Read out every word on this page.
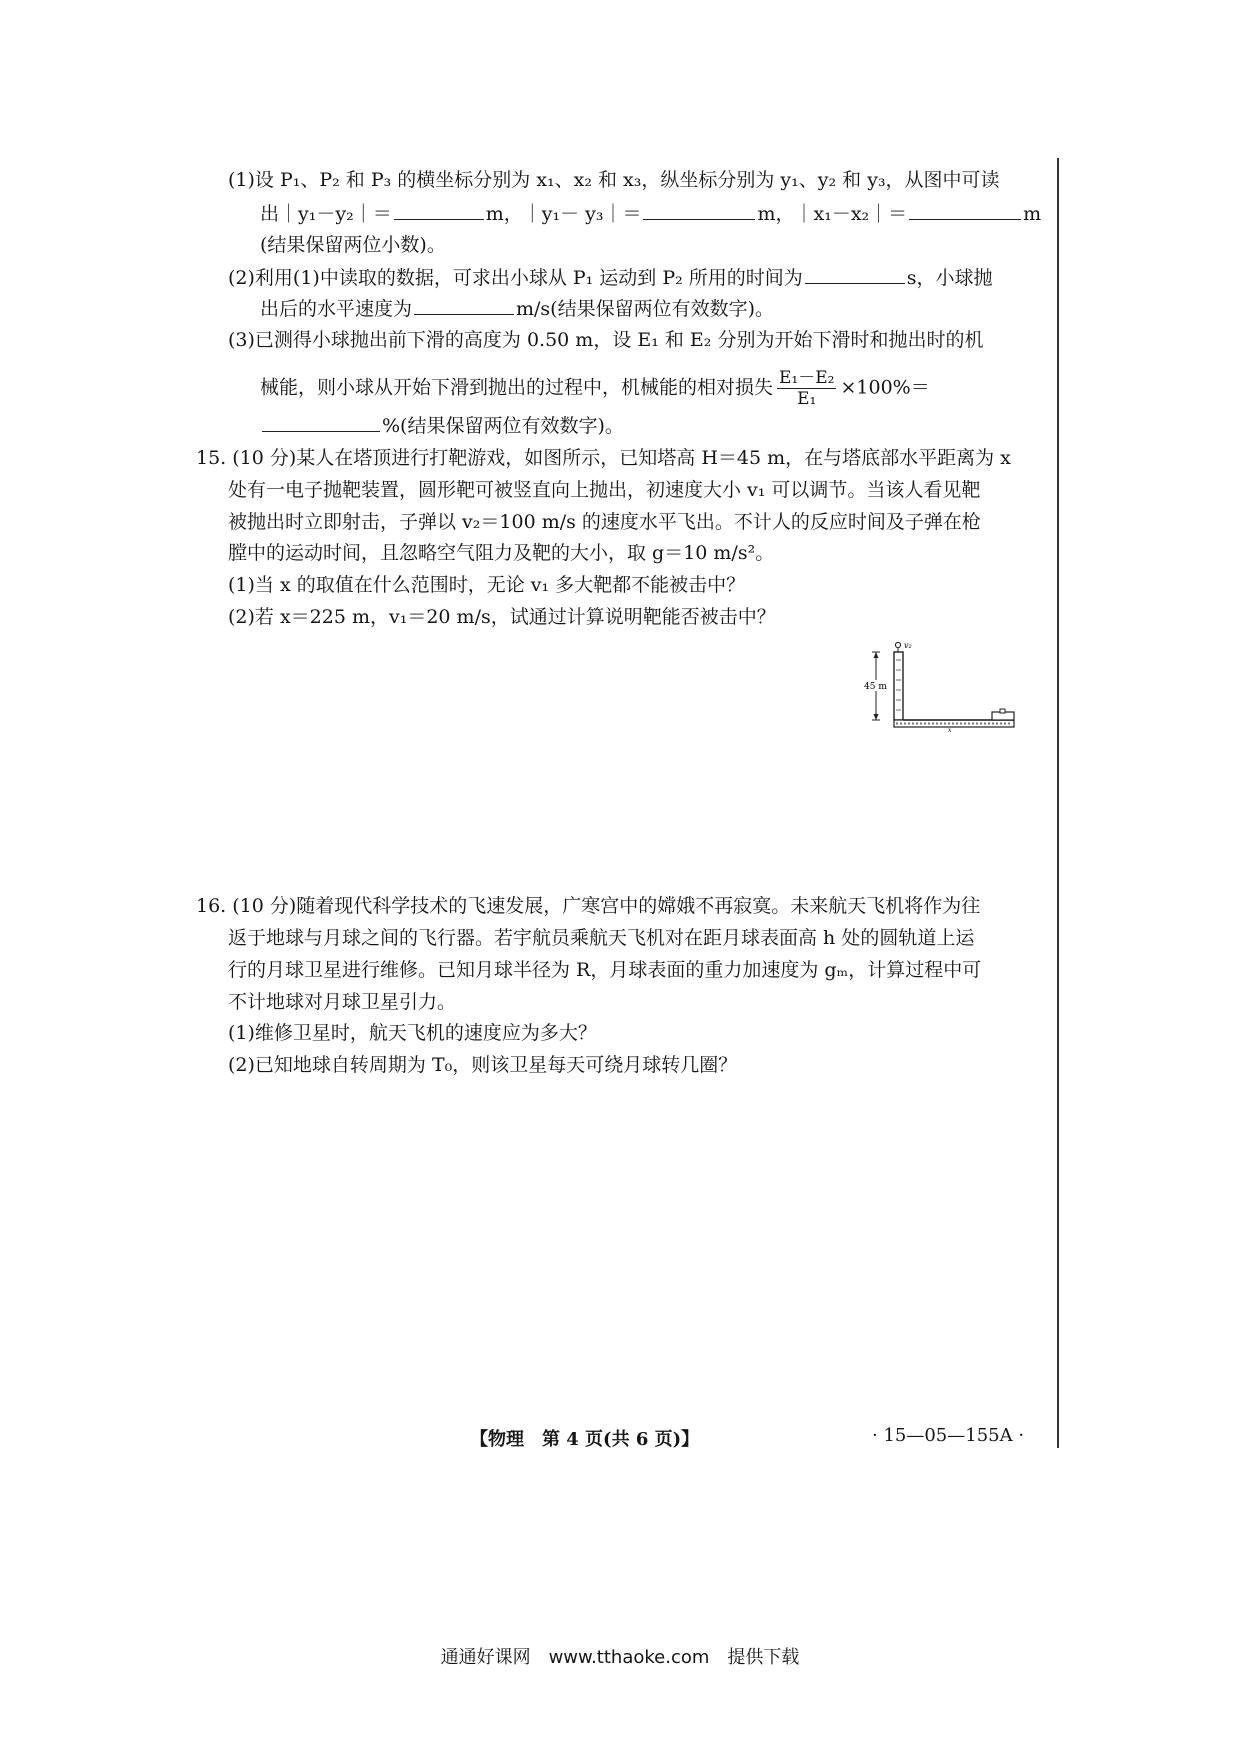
(1)设 P₁、P₂ 和 P₃ 的横坐标分别为 x₁、x₂ 和 x₃，纵坐标分别为 y₁、y₂ 和 y₃，从图中可读
出｜y₁－y₂｜＝	m，｜y₁－ y₃｜＝	m，｜x₁－x₂｜＝	m
(结果保留两位小数)。
(2)利用(1)中读取的数据，可求出小球从 P₁ 运动到 P₂ 所用的时间为	s，小球抛
出后的水平速度为	m/s(结果保留两位有效数字)。
(3)已测得小球抛出前下滑的高度为 0.50 m，设 E₁ 和 E₂ 分别为开始下滑时和抛出时的机
械能，则小球从开始下滑到抛出的过程中，机械能的相对损失 $\frac{\text{E₁－E₂}}{\text{E₁}} \times 100\%=$
%(结果保留两位有效数字)。
15. (10 分)某人在塔顶进行打靶游戏，如图所示，已知塔高 H＝45 m，在与塔底部水平距离为 x
处有一电子抛靶装置，圆形靶可被竖直向上抛出，初速度大小 v₁ 可以调节。当该人看见靶
被抛出时立即射击，子弹以 v₂＝100 m/s 的速度水平飞出。不计人的反应时间及子弹在枪
膛中的运动时间，且忽略空气阻力及靶的大小，取 g＝10 m/s²。
(1)当 x 的取值在什么范围时，无论 v₁ 多大靶都不能被击中？
(2)若 x＝225 m，v₁＝20 m/s，试通过计算说明靶能否被击中？
v₂
45 m
x
16. (10 分)随着现代科学技术的飞速发展，广寒宫中的嫦娥不再寂寞。未来航天飞机将作为往
返于地球与月球之间的飞行器。若宇航员乘航天飞机对在距月球表面高 h 处的圆轨道上运
行的月球卫星进行维修。已知月球半径为 R，月球表面的重力加速度为 gₘ，计算过程中可
不计地球对月球卫星引力。
(1)维修卫星时，航天飞机的速度应为多大？
(2)已知地球自转周期为 T₀，则该卫星每天可绕月球转几圈？
【物理　第 4 页(共 6 页)】	· 15—05—155A ·
通通好课网　www.tthaoke.com　提供下载
